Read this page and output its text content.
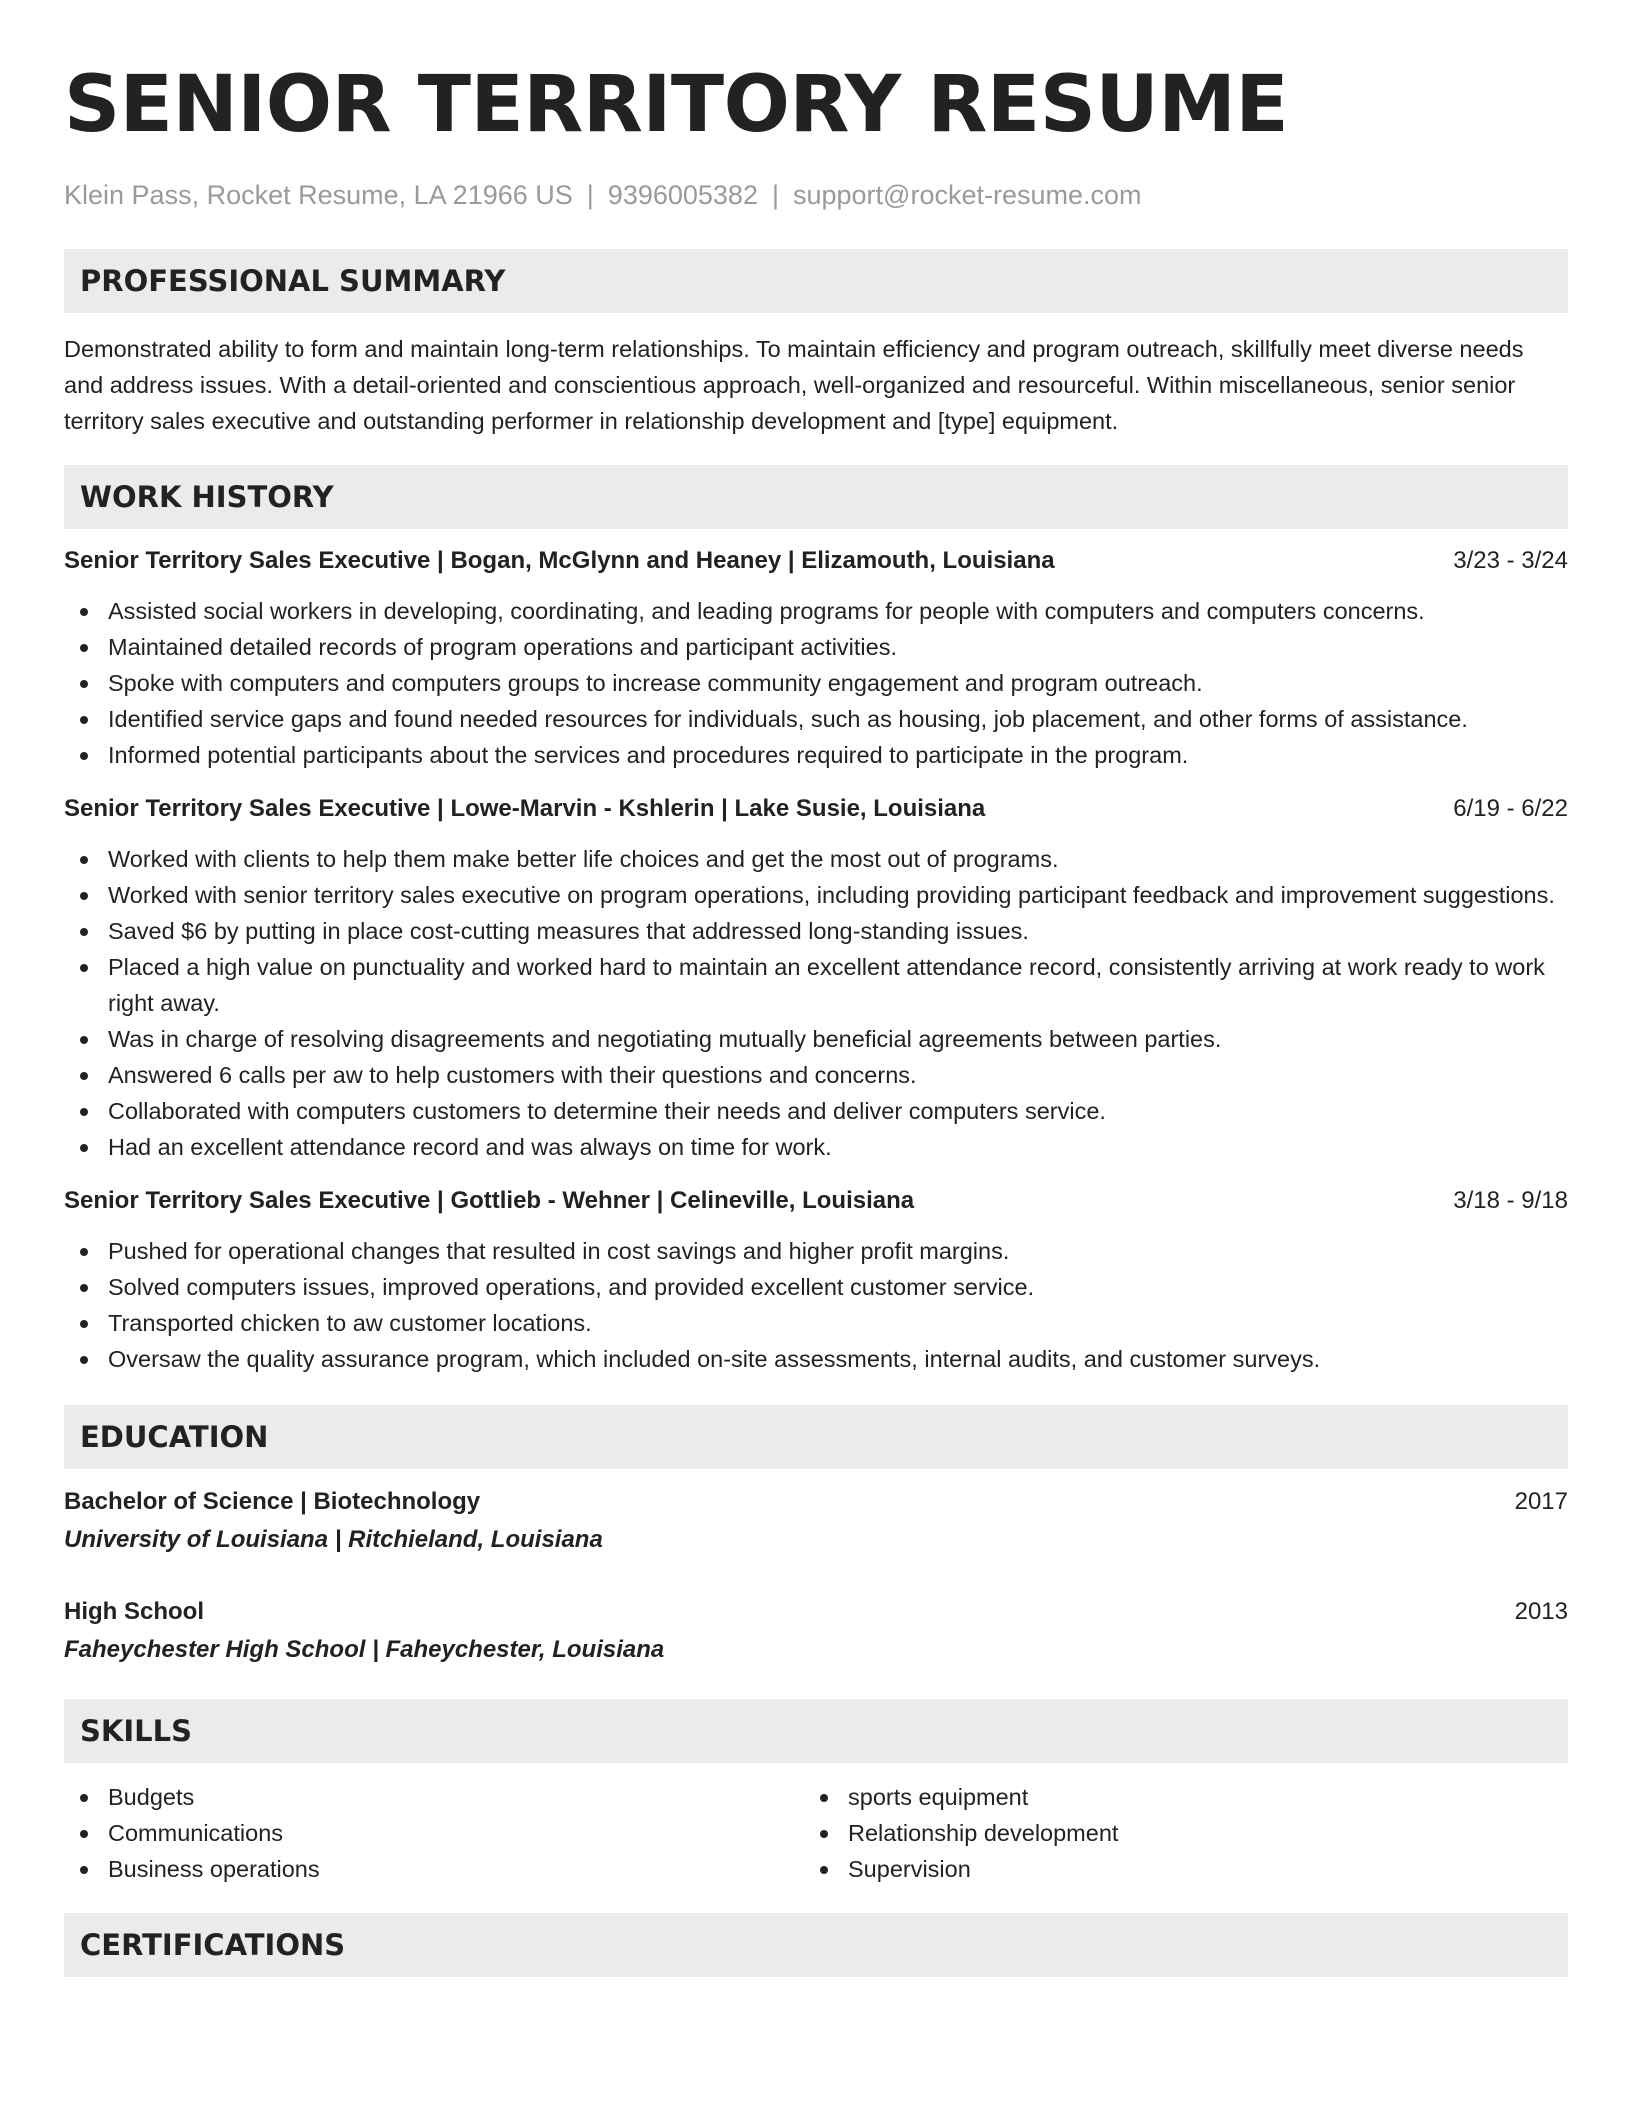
SENIOR TERRITORY RESUME
Klein Pass, Rocket Resume, LA 21966 US | 9396005382 | support@rocket-resume.com
PROFESSIONAL SUMMARY

Demonstrated ability to form and maintain long-term relationships. To maintain efficiency and program outreach, skillfully meet diverse needs and address issues. With a detail-oriented and conscientious approach, well-organized and resourceful. Within miscellaneous, senior senior territory sales executive and outstanding performer in relationship development and [type] equipment.

WORK HISTORY
Senior Territory Sales Executive | Bogan, McGlynn and Heaney | Elizamouth, Louisiana	3/23 - 3/24
Assisted social workers in developing, coordinating, and leading programs for people with computers and computers concerns.
Maintained detailed records of program operations and participant activities.
Spoke with computers and computers groups to increase community engagement and program outreach.
Identified service gaps and found needed resources for individuals, such as housing, job placement, and other forms of assistance.
Informed potential participants about the services and procedures required to participate in the program.
Senior Territory Sales Executive | Lowe-Marvin - Kshlerin | Lake Susie, Louisiana	6/19 - 6/22
Worked with clients to help them make better life choices and get the most out of programs.
Worked with senior territory sales executive on program operations, including providing participant feedback and improvement suggestions.
Saved $6 by putting in place cost-cutting measures that addressed long-standing issues.
Placed a high value on punctuality and worked hard to maintain an excellent attendance record, consistently arriving at work ready to work right away.
Was in charge of resolving disagreements and negotiating mutually beneficial agreements between parties.
Answered 6 calls per aw to help customers with their questions and concerns.
Collaborated with computers customers to determine their needs and deliver computers service.
Had an excellent attendance record and was always on time for work.
Senior Territory Sales Executive | Gottlieb - Wehner | Celineville, Louisiana	3/18 - 9/18
Pushed for operational changes that resulted in cost savings and higher profit margins.
Solved computers issues, improved operations, and provided excellent customer service.
Transported chicken to aw customer locations.
Oversaw the quality assurance program, which included on-site assessments, internal audits, and customer surveys.
EDUCATION
Bachelor of Science | Biotechnology	2017
University of Louisiana | Ritchieland, Louisiana
High School	2013
Faheychester High School | Faheychester, Louisiana
SKILLS
Budgets
Communications
Business operations
sports equipment
Relationship development
Supervision
CERTIFICATIONS
